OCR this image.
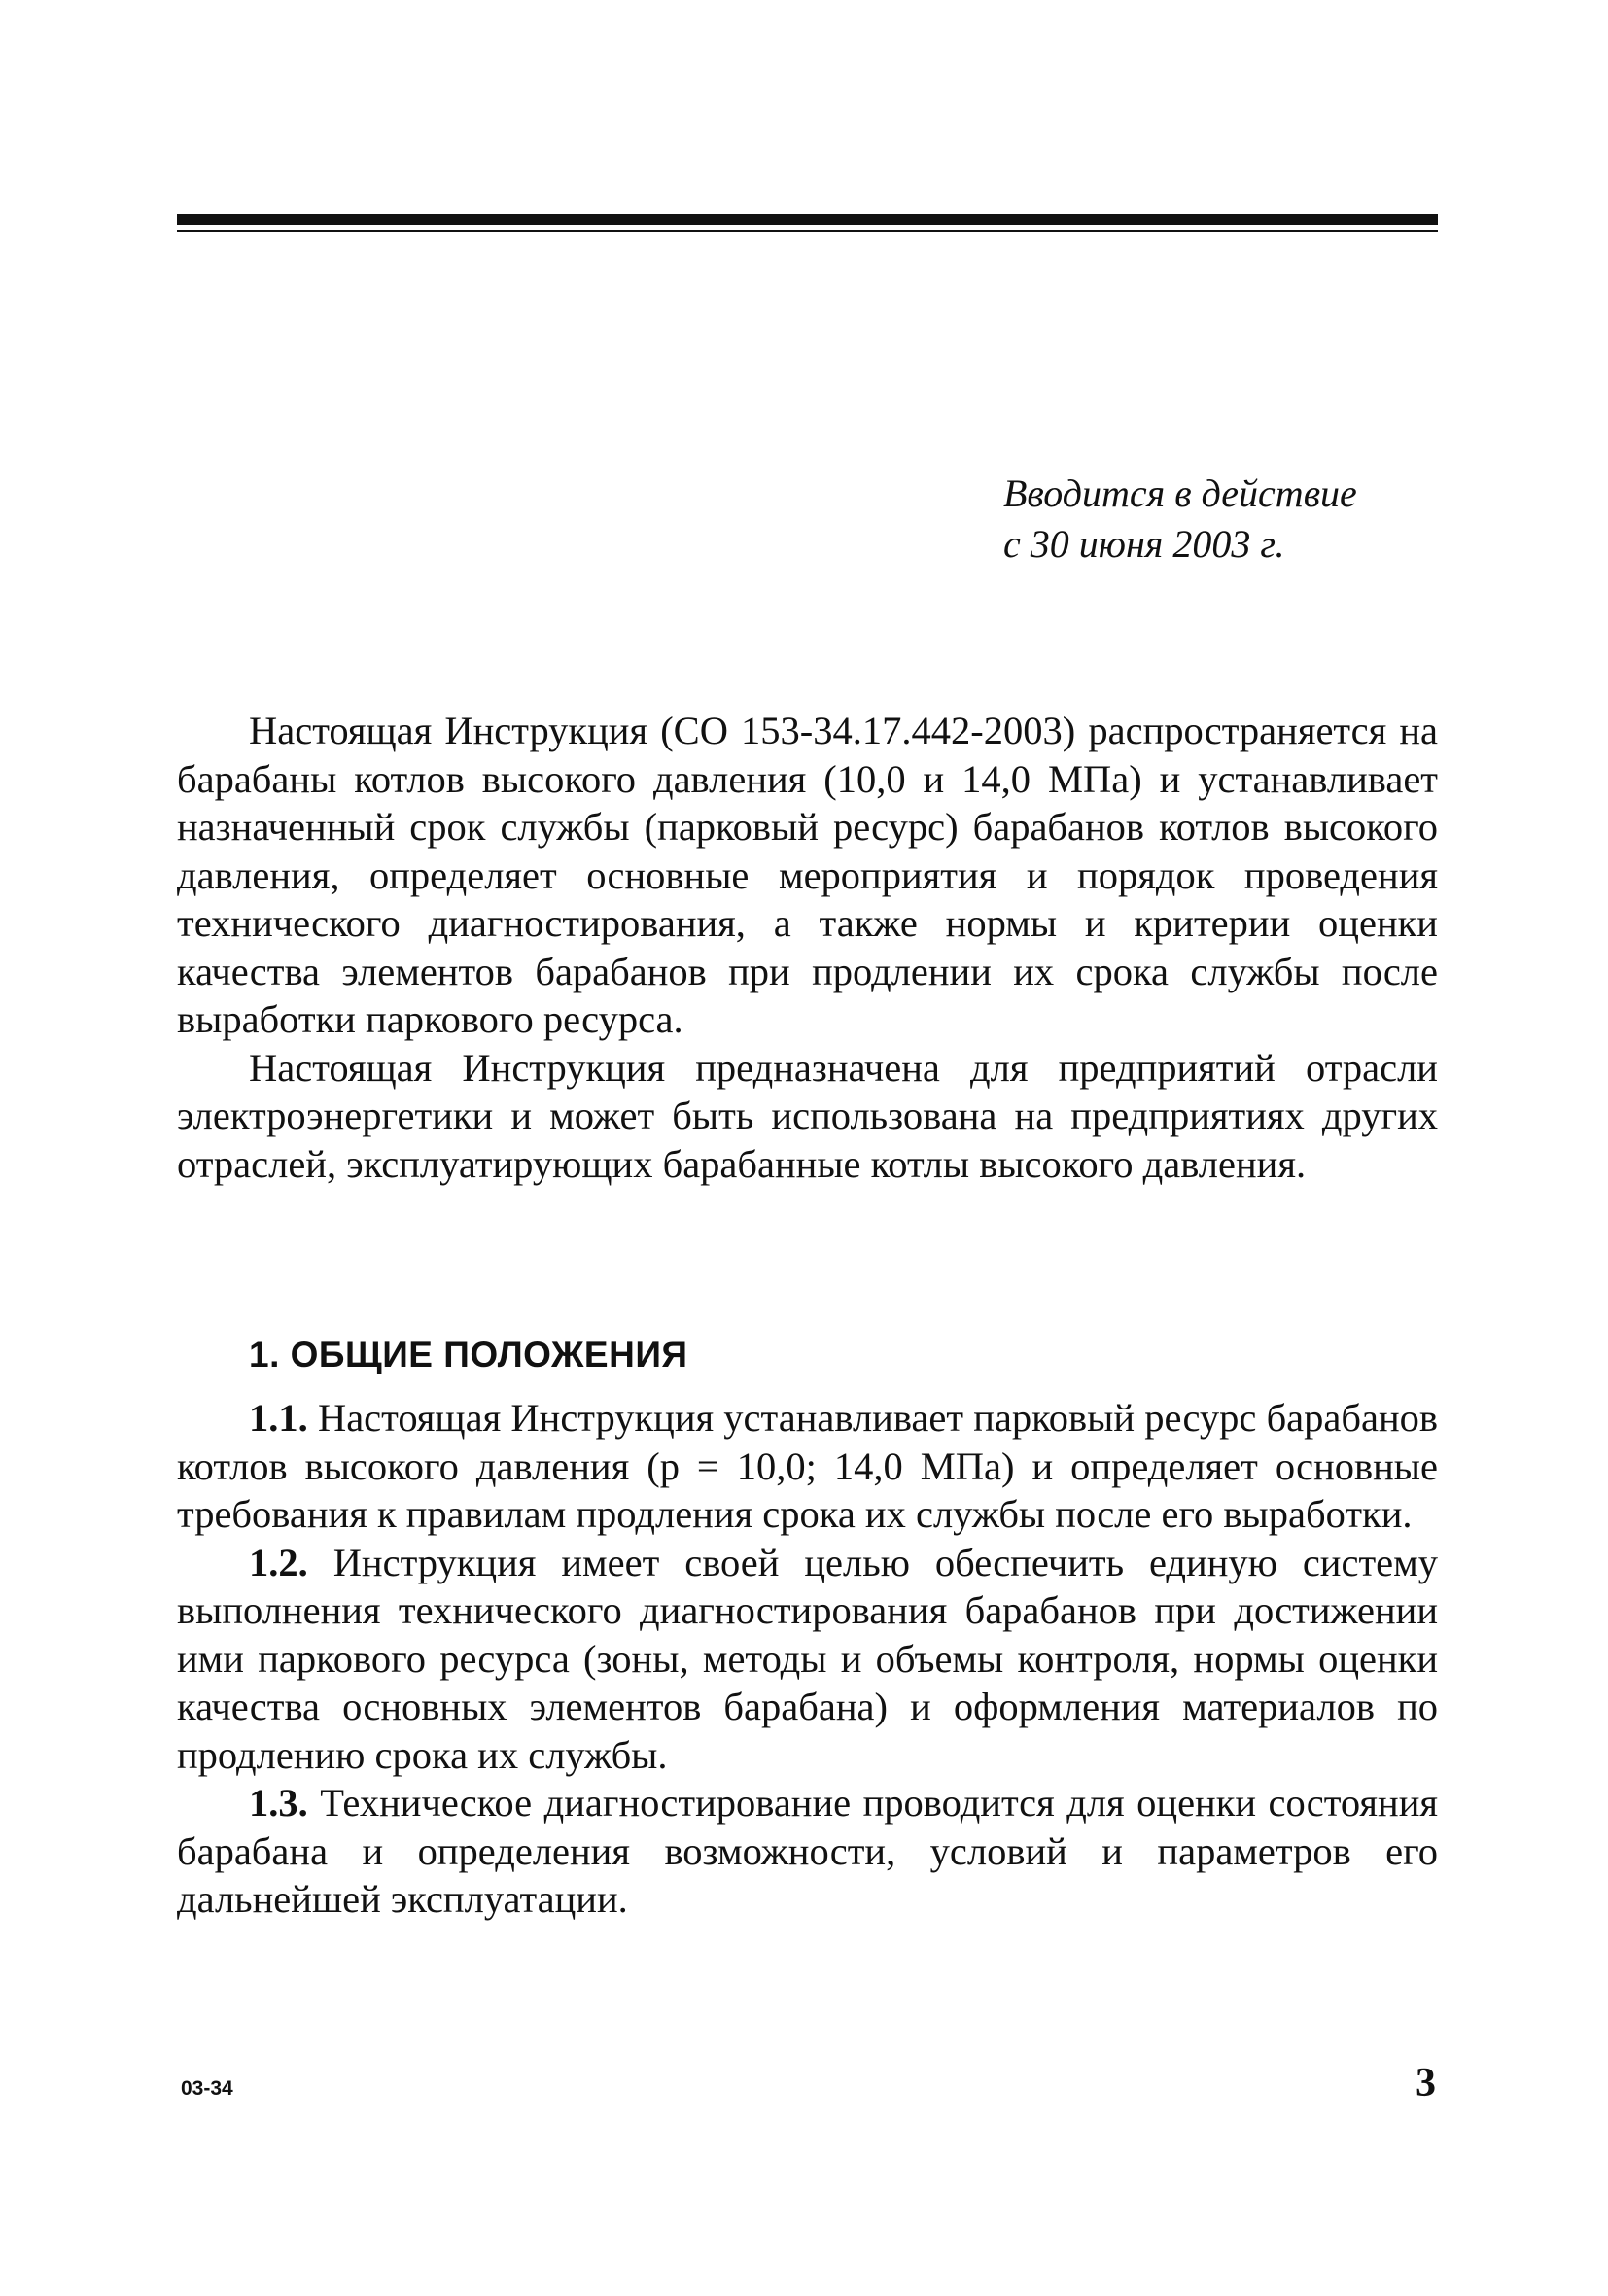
Вводится в действие
с 30 июня 2003 г.

Настоящая Инструкция (СО 153-34.17.442-2003) распространяется на барабаны котлов высокого давления (10,0 и 14,0 МПа) и устанавливает назначенный срок службы (парковый ресурс) барабанов котлов высокого давления, определяет основные мероприятия и порядок проведения технического диагностирования, а также нормы и критерии оценки качества элементов барабанов при продлении их срока службы после выработки паркового ресурса.

Настоящая Инструкция предназначена для предприятий отрасли электроэнергетики и может быть использована на предприятиях других отраслей, эксплуатирующих барабанные котлы высокого давления.

1. ОБЩИЕ ПОЛОЖЕНИЯ

1.1. Настоящая Инструкция устанавливает парковый ресурс барабанов котлов высокого давления (p = 10,0; 14,0 МПа) и определяет основные требования к правилам продления срока их службы после его выработки.

1.2. Инструкция имеет своей целью обеспечить единую систему выполнения технического диагностирования барабанов при достижении ими паркового ресурса (зоны, методы и объемы контроля, нормы оценки качества основных элементов барабана) и оформления материалов по продлению срока их службы.

1.3. Техническое диагностирование проводится для оценки состояния барабана и определения возможности, условий и параметров его дальнейшей эксплуатации.

03-34	3
